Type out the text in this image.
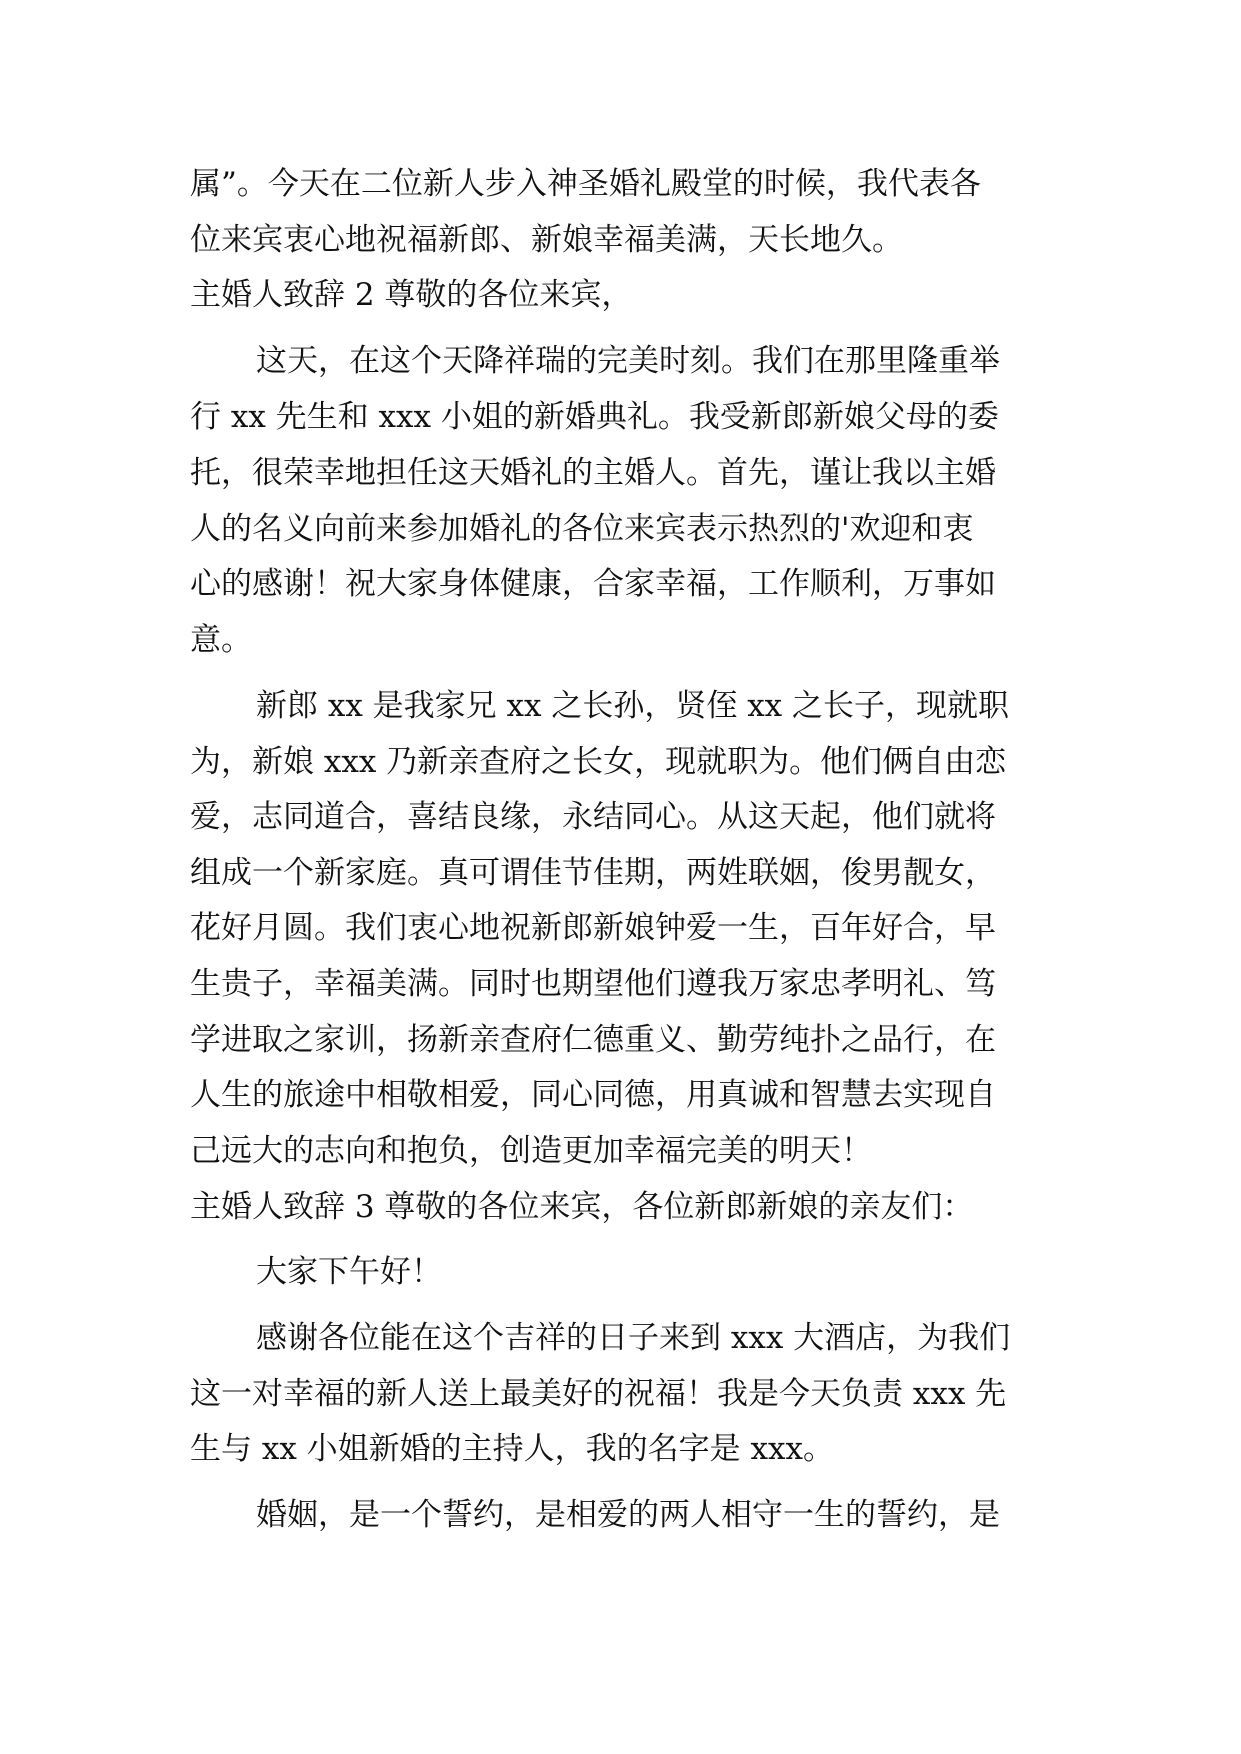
属”。今天在二位新人步入神圣婚礼殿堂的时候，我代表各
位来宾衷心地祝福新郎、新娘幸福美满，天长地久。
主婚人致辞 2 尊敬的各位来宾，
这天，在这个天降祥瑞的完美时刻。我们在那里隆重举
行 xx 先生和 xxx 小姐的新婚典礼。我受新郎新娘父母的委
托，很荣幸地担任这天婚礼的主婚人。首先，谨让我以主婚
人的名义向前来参加婚礼的各位来宾表示热烈的'欢迎和衷
心的感谢！祝大家身体健康，合家幸福，工作顺利，万事如
意。
新郎 xx 是我家兄 xx 之长孙，贤侄 xx 之长子，现就职
为，新娘 xxx 乃新亲查府之长女，现就职为。他们俩自由恋
爱，志同道合，喜结良缘，永结同心。从这天起，他们就将
组成一个新家庭。真可谓佳节佳期，两姓联姻，俊男靓女，
花好月圆。我们衷心地祝新郎新娘钟爱一生，百年好合，早
生贵子，幸福美满。同时也期望他们遵我万家忠孝明礼、笃
学进取之家训，扬新亲查府仁德重义、勤劳纯扑之品行，在
人生的旅途中相敬相爱，同心同德，用真诚和智慧去实现自
己远大的志向和抱负，创造更加幸福完美的明天！
主婚人致辞 3 尊敬的各位来宾，各位新郎新娘的亲友们：
大家下午好！
感谢各位能在这个吉祥的日子来到 xxx 大酒店，为我们
这一对幸福的新人送上最美好的祝福！我是今天负责 xxx 先
生与 xx 小姐新婚的主持人，我的名字是 xxx。
婚姻，是一个誓约，是相爱的两人相守一生的誓约，是
